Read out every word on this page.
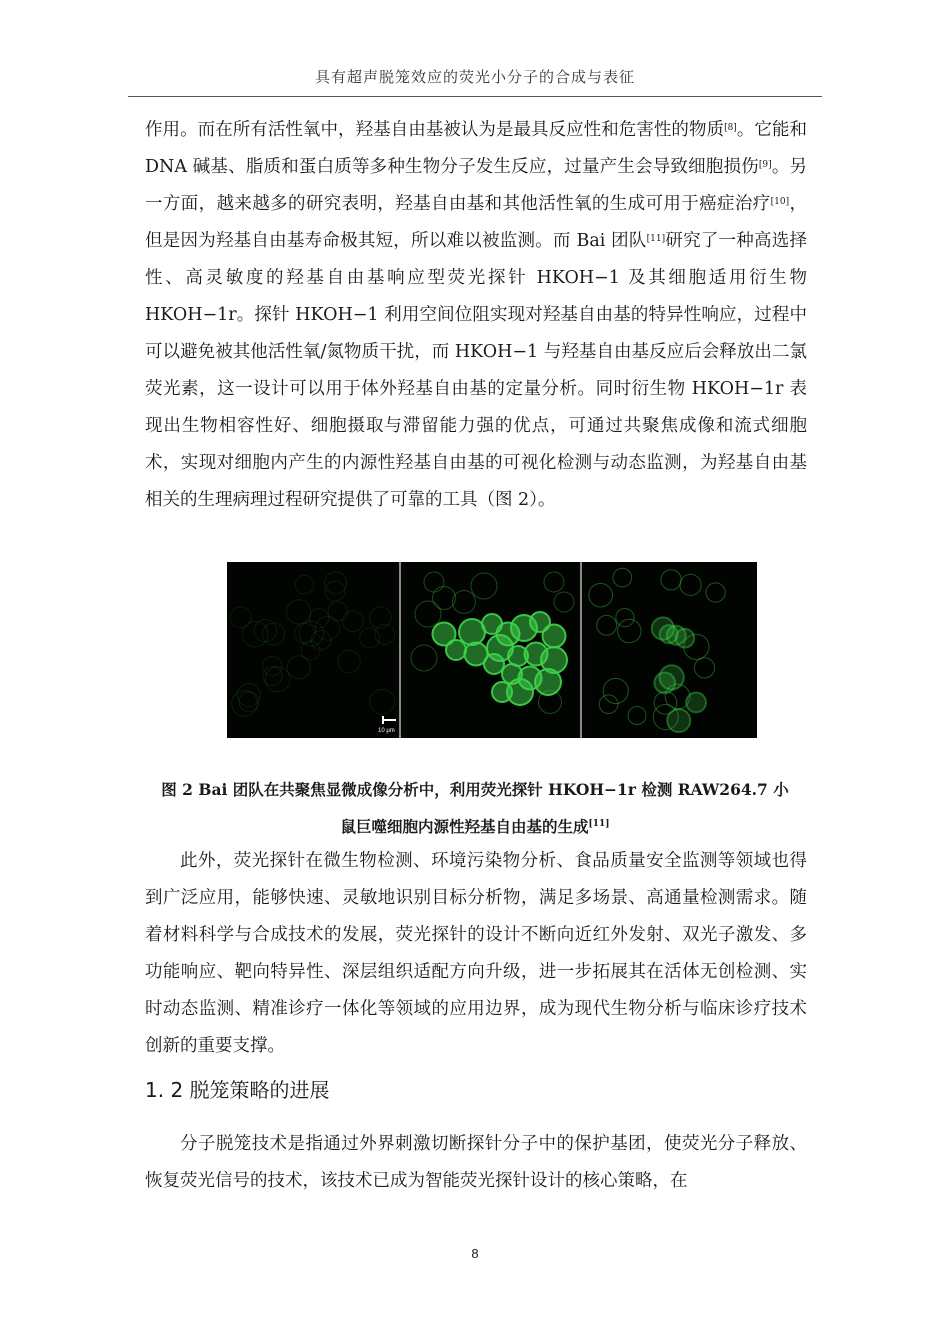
具有超声脱笼效应的荧光小分子的合成与表征
作用。而在所有活性氧中，羟基自由基被认为是最具反应性和危害性的物质[8]。它能和 DNA 碱基、脂质和蛋白质等多种生物分子发生反应，过量产生会导致细胞损伤[9]。另一方面，越来越多的研究表明，羟基自由基和其他活性氧的生成可用于癌症治疗[10]，但是因为羟基自由基寿命极其短，所以难以被监测。而 Bai 团队[11]研究了一种高选择性、高灵敏度的羟基自由基响应型荧光探针 HKOH−1 及其细胞适用衍生物 HKOH−1r。探针 HKOH−1 利用空间位阻实现对羟基自由基的特异性响应，过程中可以避免被其他活性氧/氮物质干扰，而 HKOH−1 与羟基自由基反应后会释放出二氯荧光素，这一设计可以用于体外羟基自由基的定量分析。同时衍生物 HKOH−1r 表现出生物相容性好、细胞摄取与滞留能力强的优点，可通过共聚焦成像和流式细胞术，实现对细胞内产生的内源性羟基自由基的可视化检测与动态监测，为羟基自由基相关的生理病理过程研究提供了可靠的工具（图 2）。
10 μm
图 2 Bai 团队在共聚焦显微成像分析中，利用荧光探针 HKOH−1r 检测 RAW264.7 小
鼠巨噬细胞内源性羟基自由基的生成[11]
此外，荧光探针在微生物检测、环境污染物分析、食品质量安全监测等领域也得到广泛应用，能够快速、灵敏地识别目标分析物，满足多场景、高通量检测需求。随着材料科学与合成技术的发展，荧光探针的设计不断向近红外发射、双光子激发、多功能响应、靶向特异性、深层组织适配方向升级，进一步拓展其在活体无创检测、实时动态监测、精准诊疗一体化等领域的应用边界，成为现代生物分析与临床诊疗技术创新的重要支撑。
1. 2 脱笼策略的进展
分子脱笼技术是指通过外界刺激切断探针分子中的保护基团，使荧光分子释放、恢复荧光信号的技术，该技术已成为智能荧光探针设计的核心策略，在
8
